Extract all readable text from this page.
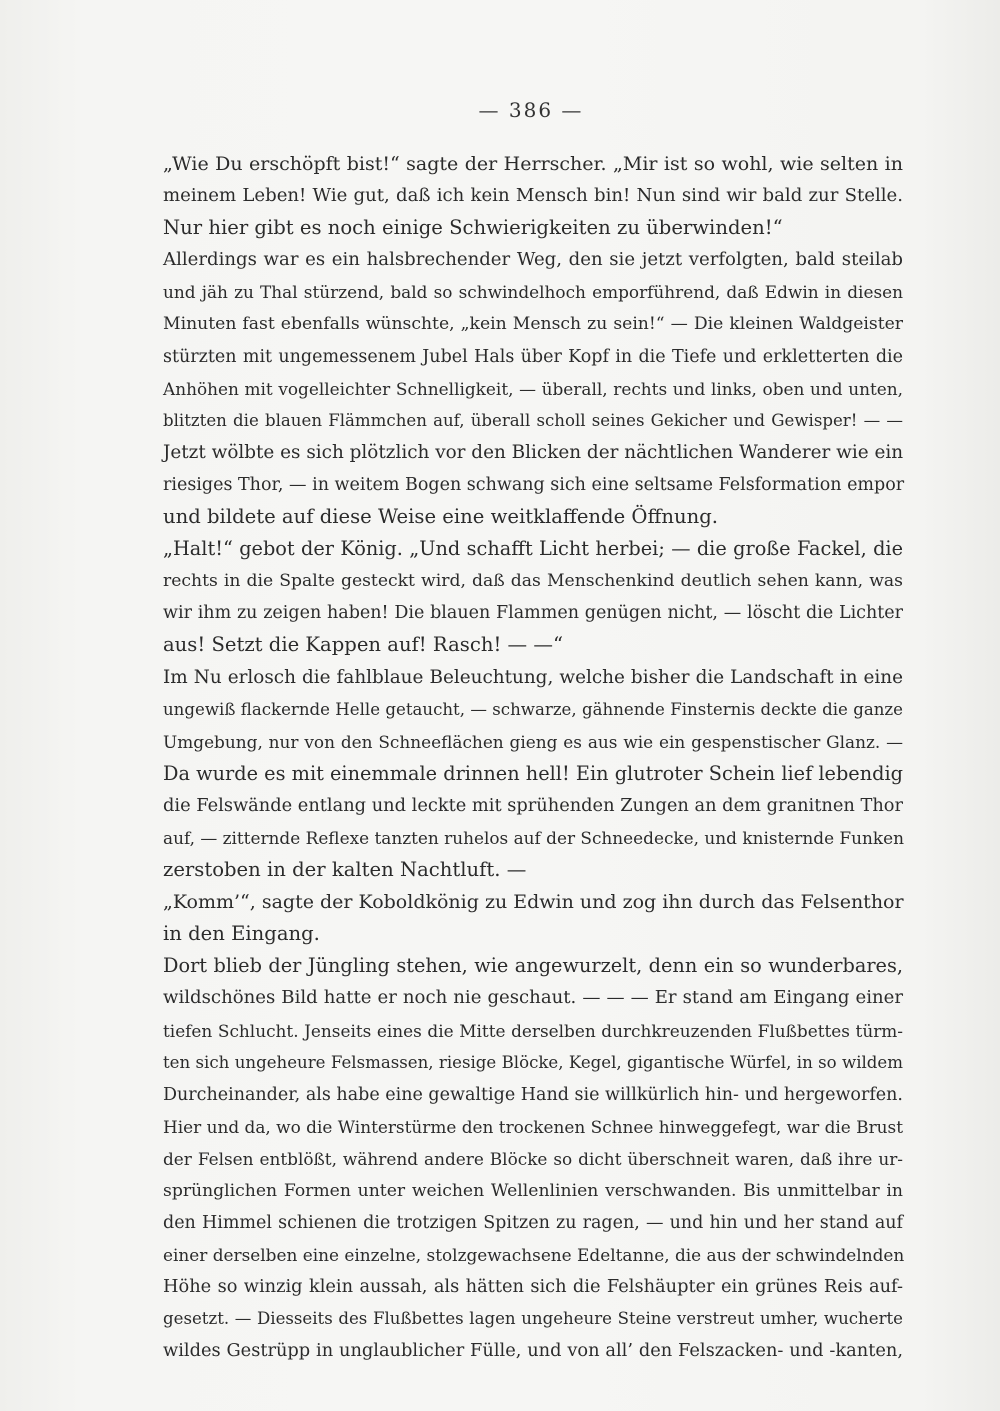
— 386 —
„Wie Du erschöpft bist!“ sagte der Herrscher. „Mir ist so wohl, wie selten in
meinem Leben! Wie gut, daß ich kein Mensch bin! Nun sind wir bald zur Stelle.
Nur hier gibt es noch einige Schwierigkeiten zu überwinden!“
Allerdings war es ein halsbrechender Weg, den sie jetzt verfolgten, bald steilab
und jäh zu Thal stürzend, bald so schwindelhoch emporführend, daß Edwin in diesen
Minuten fast ebenfalls wünschte, „kein Mensch zu sein!“ — Die kleinen Waldgeister
stürzten mit ungemessenem Jubel Hals über Kopf in die Tiefe und erkletterten die
Anhöhen mit vogelleichter Schnelligkeit, — überall, rechts und links, oben und unten,
blitzten die blauen Flämmchen auf, überall scholl seines Gekicher und Gewisper! — —
Jetzt wölbte es sich plötzlich vor den Blicken der nächtlichen Wanderer wie ein
riesiges Thor, — in weitem Bogen schwang sich eine seltsame Felsformation empor
und bildete auf diese Weise eine weitklaffende Öffnung.
„Halt!“ gebot der König. „Und schafft Licht herbei; — die große Fackel, die
rechts in die Spalte gesteckt wird, daß das Menschenkind deutlich sehen kann, was
wir ihm zu zeigen haben! Die blauen Flammen genügen nicht, — löscht die Lichter
aus! Setzt die Kappen auf! Rasch! — —“
Im Nu erlosch die fahlblaue Beleuchtung, welche bisher die Landschaft in eine
ungewiß flackernde Helle getaucht, — schwarze, gähnende Finsternis deckte die ganze
Umgebung, nur von den Schneeflächen gieng es aus wie ein gespenstischer Glanz. —
Da wurde es mit einemmale drinnen hell! Ein glutroter Schein lief lebendig
die Felswände entlang und leckte mit sprühenden Zungen an dem granitnen Thor
auf, — zitternde Reflexe tanzten ruhelos auf der Schneedecke, und knisternde Funken
zerstoben in der kalten Nachtluft. —
„Komm’“, sagte der Koboldkönig zu Edwin und zog ihn durch das Felsenthor
in den Eingang.
Dort blieb der Jüngling stehen, wie angewurzelt, denn ein so wunderbares,
wildschönes Bild hatte er noch nie geschaut. — — — Er stand am Eingang einer
tiefen Schlucht. Jenseits eines die Mitte derselben durchkreuzenden Flußbettes türm-
ten sich ungeheure Felsmassen, riesige Blöcke, Kegel, gigantische Würfel, in so wildem
Durcheinander, als habe eine gewaltige Hand sie willkürlich hin- und hergeworfen.
Hier und da, wo die Winterstürme den trockenen Schnee hinweggefegt, war die Brust
der Felsen entblößt, während andere Blöcke so dicht überschneit waren, daß ihre ur-
sprünglichen Formen unter weichen Wellenlinien verschwanden. Bis unmittelbar in
den Himmel schienen die trotzigen Spitzen zu ragen, — und hin und her stand auf
einer derselben eine einzelne, stolzgewachsene Edeltanne, die aus der schwindelnden
Höhe so winzig klein aussah, als hätten sich die Felshäupter ein grünes Reis auf-
gesetzt. — Diesseits des Flußbettes lagen ungeheure Steine verstreut umher, wucherte
wildes Gestrüpp in unglaublicher Fülle, und von all’ den Felszacken- und -kanten,
